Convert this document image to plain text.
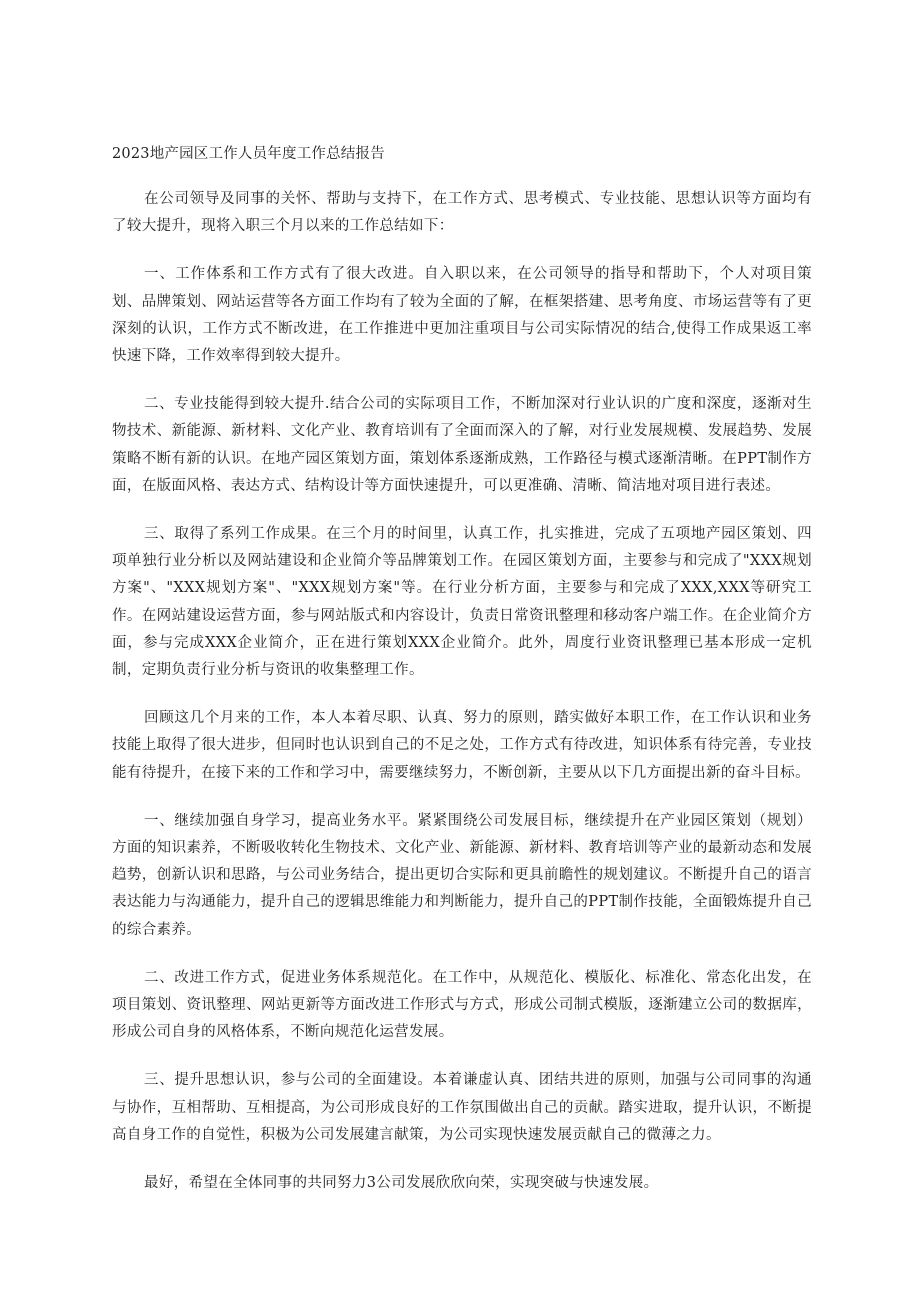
2023地产园区工作人员年度工作总结报告

在公司领导及同事的关怀、帮助与支持下，在工作方式、思考模式、专业技能、思想认识等方面均有了较大提升，现将入职三个月以来的工作总结如下：

一、工作体系和工作方式有了很大改进。自入职以来，在公司领导的指导和帮助下，个人对项目策划、品牌策划、网站运营等各方面工作均有了较为全面的了解，在框架搭建、思考角度、市场运营等有了更深刻的认识，工作方式不断改进，在工作推进中更加注重项目与公司实际情况的结合,使得工作成果返工率快速下降，工作效率得到较大提升。

二、专业技能得到较大提升.结合公司的实际项目工作，不断加深对行业认识的广度和深度，逐渐对生物技术、新能源、新材料、文化产业、教育培训有了全面而深入的了解，对行业发展规模、发展趋势、发展策略不断有新的认识。在地产园区策划方面，策划体系逐渐成熟，工作路径与模式逐渐清晰。在PPT制作方面，在版面风格、表达方式、结构设计等方面快速提升，可以更准确、清晰、简洁地对项目进行表述。

三、取得了系列工作成果。在三个月的时间里，认真工作，扎实推进，完成了五项地产园区策划、四项单独行业分析以及网站建设和企业简介等品牌策划工作。在园区策划方面，主要参与和完成了"XXX规划方案"、"XXX规划方案"、"XXX规划方案"等。在行业分析方面，主要参与和完成了XXX,XXX等研究工作。在网站建设运营方面，参与网站版式和内容设计，负责日常资讯整理和移动客户端工作。在企业简介方面，参与完成XXX企业简介，正在进行策划XXX企业简介。此外，周度行业资讯整理已基本形成一定机制，定期负责行业分析与资讯的收集整理工作。

回顾这几个月来的工作，本人本着尽职、认真、努力的原则，踏实做好本职工作，在工作认识和业务技能上取得了很大进步，但同时也认识到自己的不足之处，工作方式有待改进，知识体系有待完善，专业技能有待提升，在接下来的工作和学习中，需要继续努力，不断创新，主要从以下几方面提出新的奋斗目标。

一、继续加强自身学习，提高业务水平。紧紧围绕公司发展目标，继续提升在产业园区策划（规划）方面的知识素养，不断吸收转化生物技术、文化产业、新能源、新材料、教育培训等产业的最新动态和发展趋势，创新认识和思路，与公司业务结合，提出更切合实际和更具前瞻性的规划建议。不断提升自己的语言表达能力与沟通能力，提升自己的逻辑思维能力和判断能力，提升自己的PPT制作技能，全面锻炼提升自己的综合素养。

二、改进工作方式，促进业务体系规范化。在工作中，从规范化、模版化、标准化、常态化出发，在项目策划、资讯整理、网站更新等方面改进工作形式与方式，形成公司制式模版，逐渐建立公司的数据库，形成公司自身的风格体系，不断向规范化运营发展。

三、提升思想认识，参与公司的全面建设。本着谦虚认真、团结共进的原则，加强与公司同事的沟通与协作，互相帮助、互相提高，为公司形成良好的工作氛围做出自己的贡献。踏实进取，提升认识，不断提高自身工作的自觉性，积极为公司发展建言献策，为公司实现快速发展贡献自己的微薄之力。

最好，希望在全体同事的共同努力3公司发展欣欣向荣，实现突破与快速发展。
